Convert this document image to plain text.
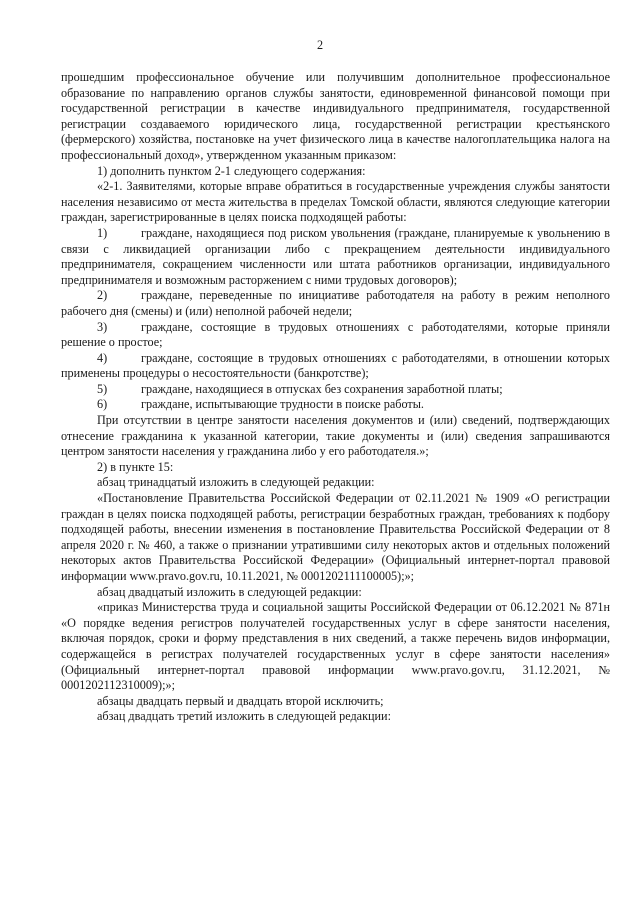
2

прошедшим профессиональное обучение или получившим дополнительное профессиональное образование по направлению органов службы занятости, единовременной финансовой помощи при государственной регистрации в качестве индивидуального предпринимателя, государственной регистрации создаваемого юридического лица, государственной регистрации крестьянского (фермерского) хозяйства, постановке на учет физического лица в качестве налогоплательщика налога на профессиональный доход», утвержденном указанным приказом:

1) дополнить пунктом 2-1 следующего содержания:

«2-1. Заявителями, которые вправе обратиться в государственные учреждения службы занятости населения независимо от места жительства в пределах Томской области, являются следующие категории граждан, зарегистрированные в целях поиска подходящей работы:

1)	граждане, находящиеся под риском увольнения (граждане, планируемые к увольнению в связи с ликвидацией организации либо с прекращением деятельности индивидуального предпринимателя, сокращением численности или штата работников организации, индивидуального предпринимателя и возможным расторжением с ними трудовых договоров);

2)	граждане, переведенные по инициативе работодателя на работу в режим неполного рабочего дня (смены) и (или) неполной рабочей недели;

3)	граждане, состоящие в трудовых отношениях с работодателями, которые приняли решение о простое;

4)	граждане, состоящие в трудовых отношениях с работодателями, в отношении которых применены процедуры о несостоятельности (банкротстве);

5)	граждане, находящиеся в отпусках без сохранения заработной платы;

6)	граждане, испытывающие трудности в поиске работы.

При отсутствии в центре занятости населения документов и (или) сведений, подтверждающих отнесение гражданина к указанной категории, такие документы и (или) сведения запрашиваются центром занятости населения у гражданина либо у его работодателя.»;

2) в пункте 15:

абзац тринадцатый изложить в следующей редакции:

«Постановление Правительства Российской Федерации от 02.11.2021 № 1909 «О регистрации граждан в целях поиска подходящей работы, регистрации безработных граждан, требованиях к подбору подходящей работы, внесении изменения в постановление Правительства Российской Федерации от 8 апреля 2020 г. № 460, а также о признании утратившими силу некоторых актов и отдельных положений некоторых актов Правительства Российской Федерации» (Официальный интернет-портал правовой информации www.pravo.gov.ru, 10.11.2021, № 0001202111100005);»;

абзац двадцатый изложить в следующей редакции:

«приказ Министерства труда и социальной защиты Российской Федерации от 06.12.2021 № 871н «О порядке ведения регистров получателей государственных услуг в сфере занятости населения, включая порядок, сроки и форму представления в них сведений, а также перечень видов информации, содержащейся в регистрах получателей государственных услуг в сфере занятости населения» (Официальный интернет-портал правовой информации www.pravo.gov.ru, 31.12.2021, № 0001202112310009);»;

абзацы двадцать первый и двадцать второй исключить;

абзац двадцать третий изложить в следующей редакции:
